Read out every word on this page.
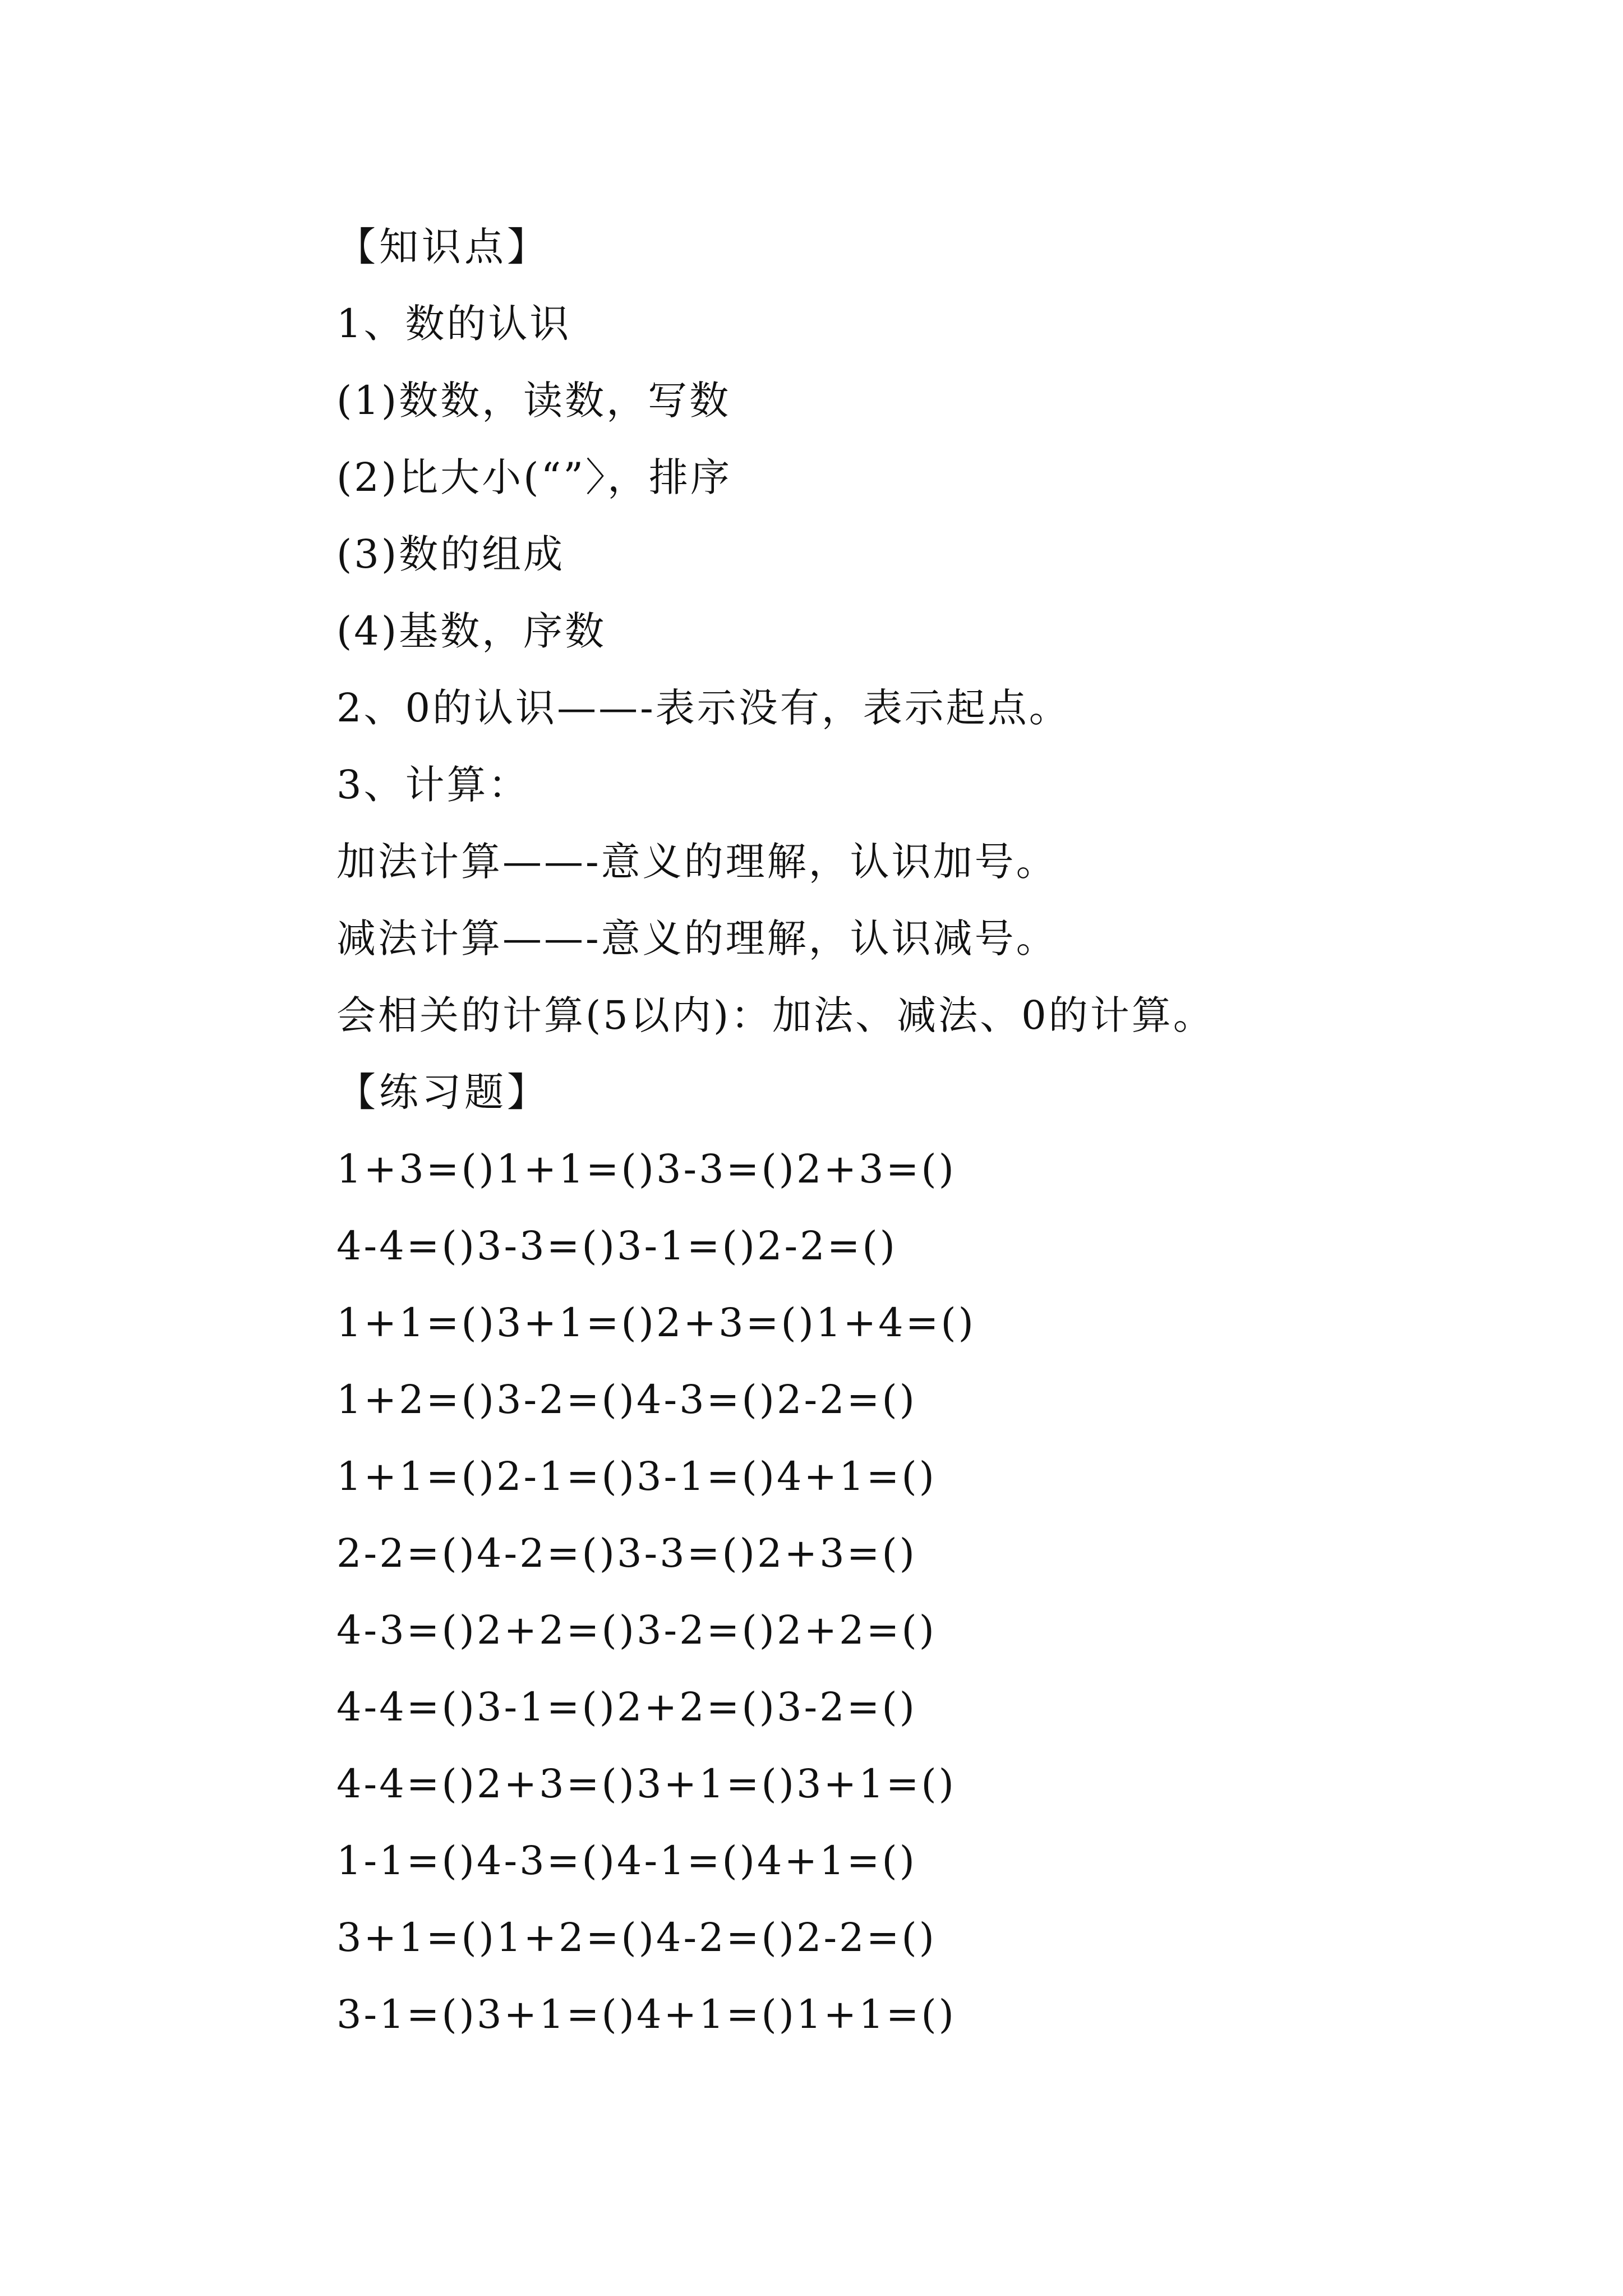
【知识点】
1、数的认识
(1)数数，读数，写数
(2)比大小(“”〉，排序
(3)数的组成
(4)基数，序数
2、0的认识——-表示没有，表示起点。
3、计算：
加法计算——-意义的理解，认识加号。
减法计算——-意义的理解，认识减号。
会相关的计算(5以内)：加法、减法、0的计算。
【练习题】
1+3=()1+1=()3-3=()2+3=()
4-4=()3-3=()3-1=()2-2=()
1+1=()3+1=()2+3=()1+4=()
1+2=()3-2=()4-3=()2-2=()
1+1=()2-1=()3-1=()4+1=()
2-2=()4-2=()3-3=()2+3=()
4-3=()2+2=()3-2=()2+2=()
4-4=()3-1=()2+2=()3-2=()
4-4=()2+3=()3+1=()3+1=()
1-1=()4-3=()4-1=()4+1=()
3+1=()1+2=()4-2=()2-2=()
3-1=()3+1=()4+1=()1+1=()
